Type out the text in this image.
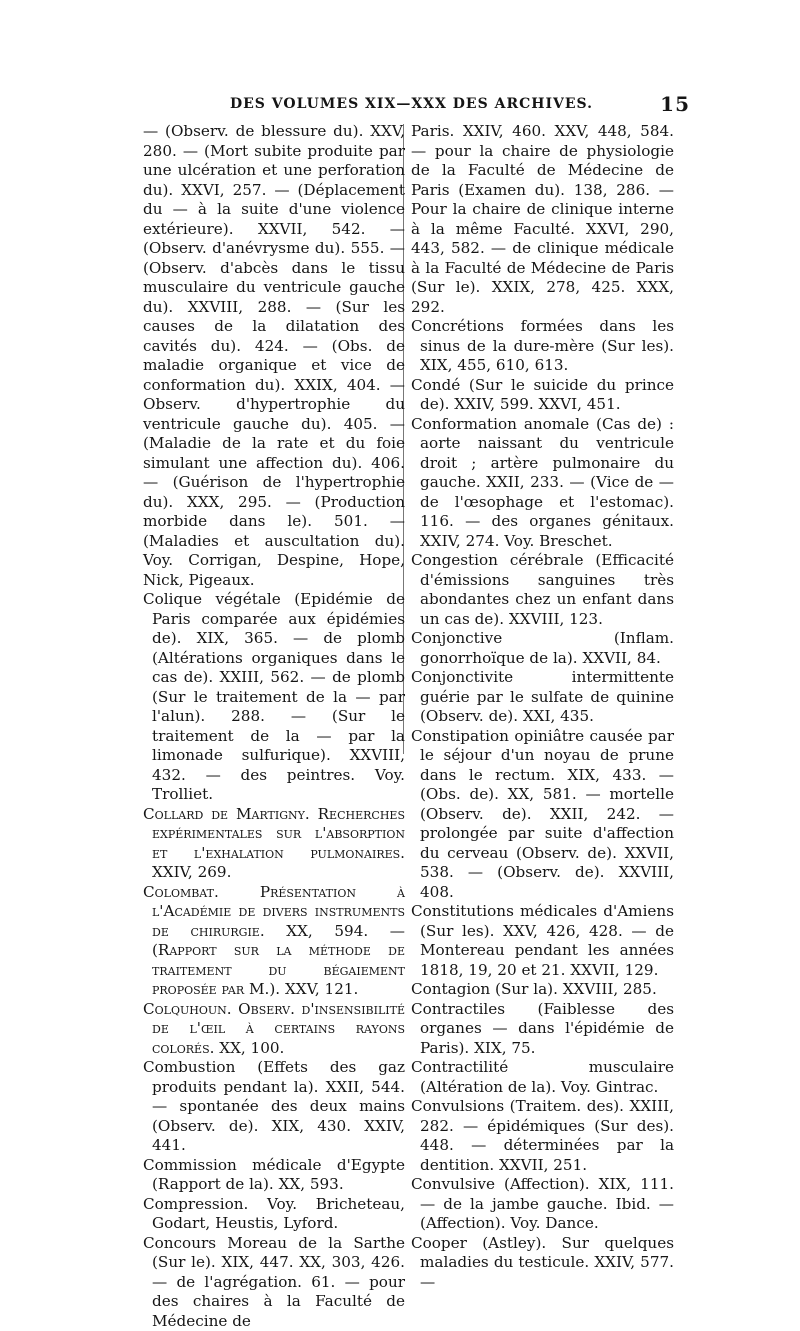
DES VOLUMES XIX—XXX DES ARCHIVES.	15

— (Observ. de blessure du). XXV, 280. — (Mort subite produite par une ulcération et une perforation du). XXVI, 257. — (Déplacement du — à la suite d'une violence extérieure). XXVII, 542. — (Observ. d'anévrysme du). 555. — (Observ. d'abcès dans le tissu musculaire du ventricule gauche du). XXVIII, 288. — (Sur les causes de la dilatation des cavités du). 424. — (Obs. de maladie organique et vice de conformation du). XXIX, 404. — Observ. d'hypertrophie du ventricule gauche du). 405. — (Maladie de la rate et du foie simulant une affection du). 406. — (Guérison de l'hypertrophie du). XXX, 295. — (Production morbide dans le). 501. — (Maladies et auscultation du). Voy. Corrigan, Despine, Hope, Nick, Pigeaux.

Colique végétale (Epidémie de Paris comparée aux épidémies de). XIX, 365. — de plomb (Altérations organiques dans le cas de). XXIII, 562. — de plomb (Sur le traitement de la — par l'alun). 288. — (Sur le traitement de la — par la limonade sulfurique). XXVIII, 432. — des peintres. Voy. Trolliet.

Collard de Martigny. Recherches expérimentales sur l'absorption et l'exhalation pulmonaires. XXIV, 269.

Colombat. Présentation à l'Académie de divers instruments de chirurgie. XX, 594. — (Rapport sur la méthode de traitement du bégaiement proposée par M.). XXV, 121.

Colquhoun. Observ. d'insensibilité de l'œil à certains rayons colorés. XX, 100.

Combustion (Effets des gaz produits pendant la). XXII, 544. — spontanée des deux mains (Observ. de). XIX, 430. XXIV, 441.

Commission médicale d'Egypte (Rapport de la). XX, 593.

Compression. Voy. Bricheteau, Godart, Heustis, Lyford.

Concours Moreau de la Sarthe (Sur le). XIX, 447. XX, 303, 426. — de l'agrégation. 61. — pour des chaires à la Faculté de Médecine de

Paris. XXIV, 460. XXV, 448, 584. — pour la chaire de physiologie de la Faculté de Médecine de Paris (Examen du). 138, 286. — Pour la chaire de clinique interne à la même Faculté. XXVI, 290, 443, 582. — de clinique médicale à la Faculté de Médecine de Paris (Sur le). XXIX, 278, 425. XXX, 292.

Concrétions formées dans les sinus de la dure-mère (Sur les). XIX, 455, 610, 613.

Condé (Sur le suicide du prince de). XXIV, 599. XXVI, 451.

Conformation anomale (Cas de) : aorte naissant du ventricule droit ; artère pulmonaire du gauche. XXII, 233. — (Vice de — de l'œsophage et l'estomac). 116. — des organes génitaux. XXIV, 274. Voy. Breschet.

Congestion cérébrale (Efficacité d'émissions sanguines très abondantes chez un enfant dans un cas de). XXVIII, 123.

Conjonctive (Inflam. gonorrhoïque de la). XXVII, 84.

Conjonctivite intermittente guérie par le sulfate de quinine (Observ. de). XXI, 435.

Constipation opiniâtre causée par le séjour d'un noyau de prune dans le rectum. XIX, 433. — (Obs. de). XX, 581. — mortelle (Observ. de). XXII, 242. — prolongée par suite d'affection du cerveau (Observ. de). XXVII, 538. — (Observ. de). XXVIII, 408.

Constitutions médicales d'Amiens (Sur les). XXV, 426, 428. — de Montereau pendant les années 1818, 19, 20 et 21. XXVII, 129.

Contagion (Sur la). XXVIII, 285.

Contractiles (Faiblesse des organes — dans l'épidémie de Paris). XIX, 75.

Contractilité musculaire (Altération de la). Voy. Gintrac.

Convulsions (Traitem. des). XXIII, 282. — épidémiques (Sur des). 448. — déterminées par la dentition. XXVII, 251.

Convulsive (Affection). XIX, 111. — de la jambe gauche. Ibid. — (Affection). Voy. Dance.

Cooper (Astley). Sur quelques maladies du testicule. XXIV, 577. —
